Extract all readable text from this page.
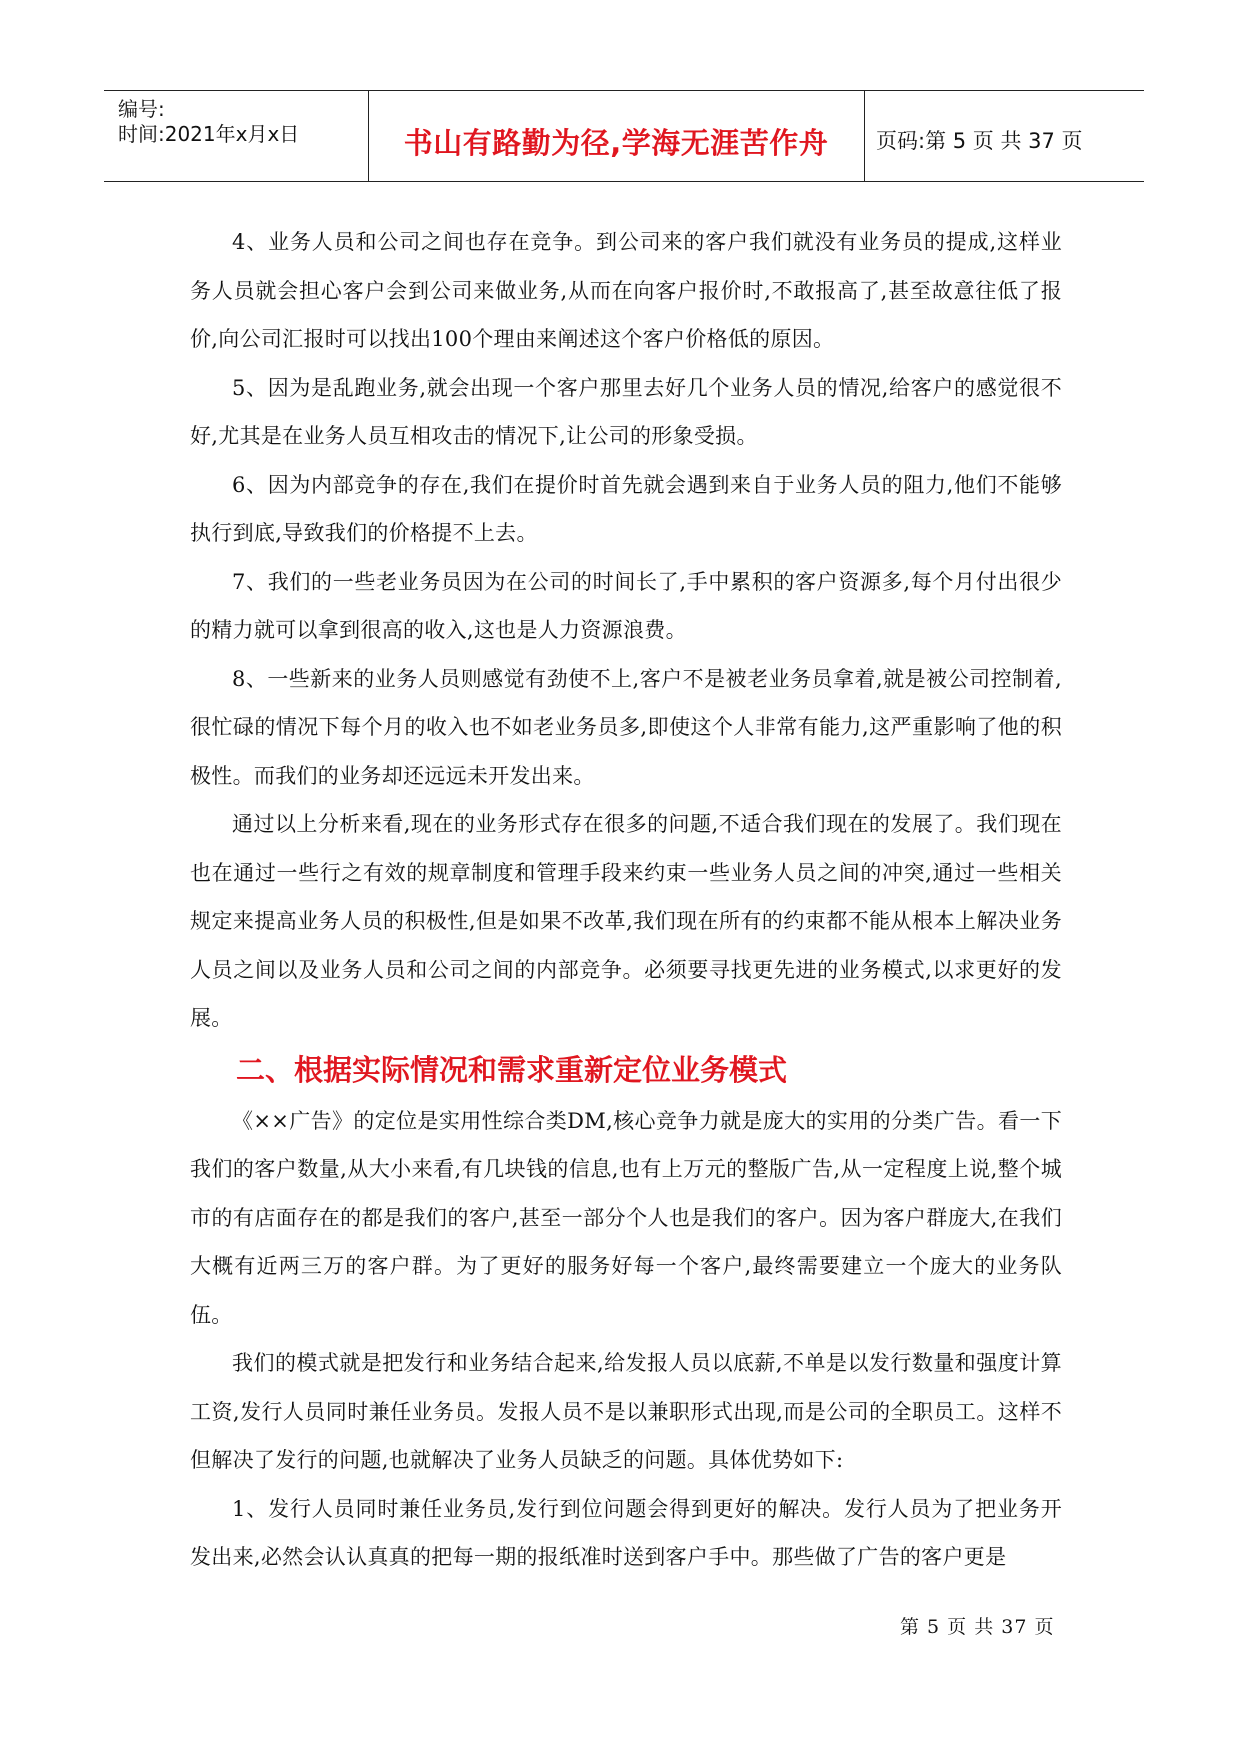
编号:
时间:2021年x月x日	书山有路勤为径,学海无涯苦作舟	页码:第 5 页 共 37 页

4、业务人员和公司之间也存在竞争。到公司来的客户我们就没有业务员的提成,这样业务人员就会担心客户会到公司来做业务,从而在向客户报价时,不敢报高了,甚至故意往低了报价,向公司汇报时可以找出100个理由来阐述这个客户价格低的原因。

5、因为是乱跑业务,就会出现一个客户那里去好几个业务人员的情况,给客户的感觉很不好,尤其是在业务人员互相攻击的情况下,让公司的形象受损。

6、因为内部竞争的存在,我们在提价时首先就会遇到来自于业务人员的阻力,他们不能够执行到底,导致我们的价格提不上去。

7、我们的一些老业务员因为在公司的时间长了,手中累积的客户资源多,每个月付出很少的精力就可以拿到很高的收入,这也是人力资源浪费。

8、一些新来的业务人员则感觉有劲使不上,客户不是被老业务员拿着,就是被公司控制着,很忙碌的情况下每个月的收入也不如老业务员多,即使这个人非常有能力,这严重影响了他的积极性。而我们的业务却还远远未开发出来。

通过以上分析来看,现在的业务形式存在很多的问题,不适合我们现在的发展了。我们现在也在通过一些行之有效的规章制度和管理手段来约束一些业务人员之间的冲突,通过一些相关规定来提高业务人员的积极性,但是如果不改革,我们现在所有的约束都不能从根本上解决业务人员之间以及业务人员和公司之间的内部竞争。必须要寻找更先进的业务模式,以求更好的发展。

二、根据实际情况和需求重新定位业务模式

《××广告》的定位是实用性综合类DM,核心竞争力就是庞大的实用的分类广告。看一下我们的客户数量,从大小来看,有几块钱的信息,也有上万元的整版广告,从一定程度上说,整个城市的有店面存在的都是我们的客户,甚至一部分个人也是我们的客户。因为客户群庞大,在我们大概有近两三万的客户群。为了更好的服务好每一个客户,最终需要建立一个庞大的业务队伍。

我们的模式就是把发行和业务结合起来,给发报人员以底薪,不单是以发行数量和强度计算工资,发行人员同时兼任业务员。发报人员不是以兼职形式出现,而是公司的全职员工。这样不但解决了发行的问题,也就解决了业务人员缺乏的问题。具体优势如下:

1、发行人员同时兼任业务员,发行到位问题会得到更好的解决。发行人员为了把业务开发出来,必然会认认真真的把每一期的报纸准时送到客户手中。那些做了广告的客户更是

第 5 页 共 37 页
